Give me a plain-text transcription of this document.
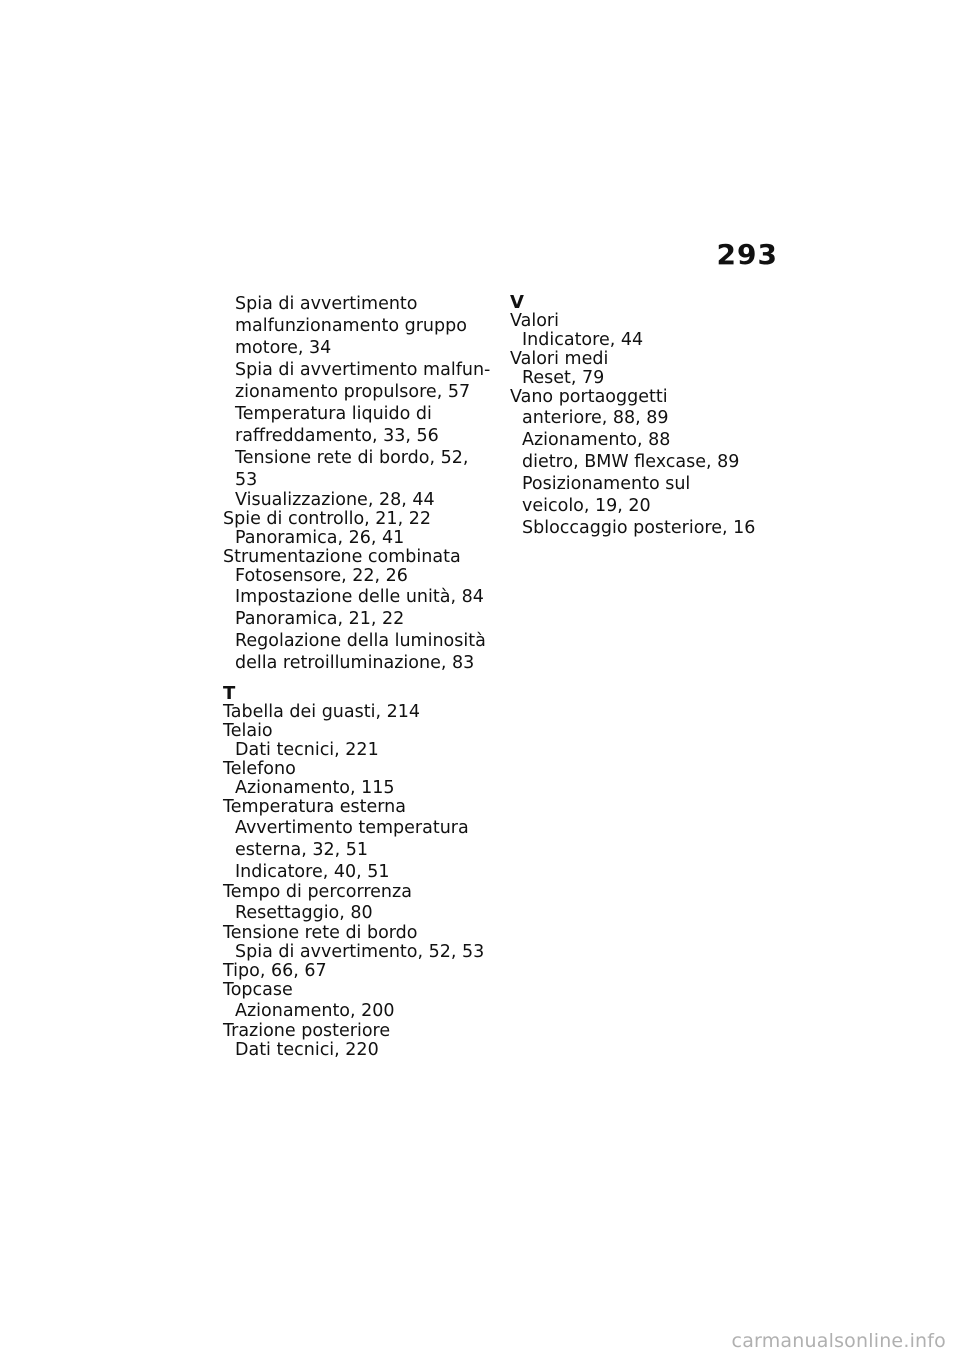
293
Spia di avvertimento
malfunzionamento gruppo
motore, 34
Spia di avvertimento malfun-
zionamento propulsore, 57
Temperatura liquido di
raffreddamento, 33, 56
Tensione rete di bordo, 52,
53
Visualizzazione, 28, 44
Spie di controllo, 21, 22
Panoramica, 26, 41
Strumentazione combinata
Fotosensore, 22, 26
Impostazione delle unità, 84
Panoramica, 21, 22
Regolazione della luminosità
della retroilluminazione, 83
T
Tabella dei guasti, 214
Telaio
Dati tecnici, 221
Telefono
Azionamento, 115
Temperatura esterna
Avvertimento temperatura
esterna, 32, 51
Indicatore, 40, 51
Tempo di percorrenza
Resettaggio, 80
Tensione rete di bordo
Spia di avvertimento, 52, 53
Tipo, 66, 67
Topcase
Azionamento, 200
Trazione posteriore
Dati tecnici, 220
V
Valori
Indicatore, 44
Valori medi
Reset, 79
Vano portaoggetti
anteriore, 88, 89
Azionamento, 88
dietro, BMW flexcase, 89
Posizionamento sul
veicolo, 19, 20
Sbloccaggio posteriore, 16
carmanualsonline.info
